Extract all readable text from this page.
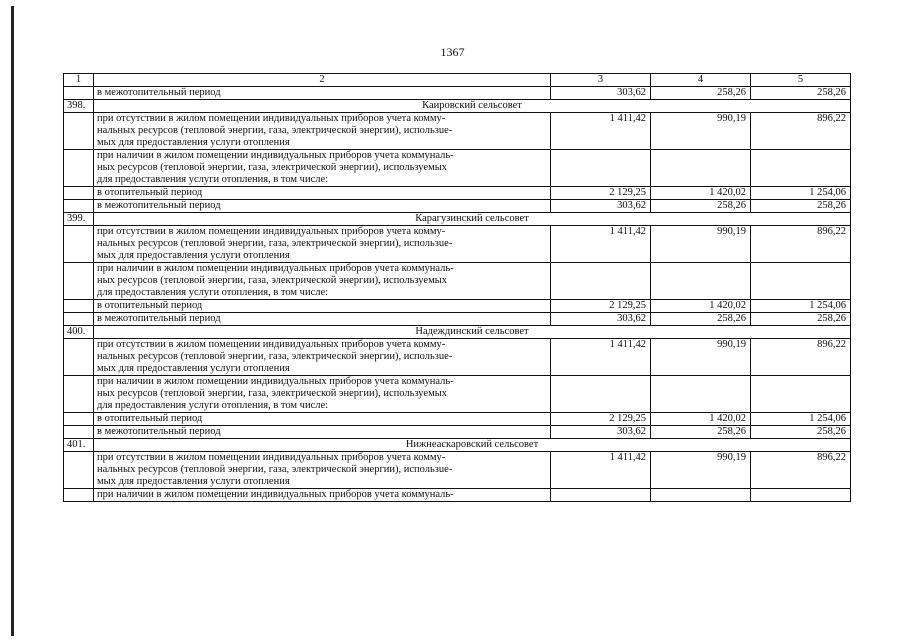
1367
1	2	3	4	5
	в межотопительный период	303,62	258,26	258,26
398.	Каировский сельсовет			

	при отсутствии в жилом помещении индивидуальных приборов учета комму-
нальных ресурсов (тепловой энергии, газа, электрической энергии), использue-
мых для предоставления услуги отопления	1 411,42	990,19	896,22

	при наличии в жилом помещении индивидуальных приборов учета коммуналь-
ных ресурсов (тепловой энергии, газа, электрической энергии), используемых
для предоставления услуги отопления, в том числе:			

	в отопительный период	2 129,25	1 420,02	1 254,06
	в межотопительный период	303,62	258,26	258,26
399.	Карагузинский сельсовет			

	при отсутствии в жилом помещении индивидуальных приборов учета комму-
нальных ресурсов (тепловой энергии, газа, электрической энергии), использue-
мых для предоставления услуги отопления	1 411,42	990,19	896,22

	при наличии в жилом помещении индивидуальных приборов учета коммуналь-
ных ресурсов (тепловой энергии, газа, электрической энергии), используемых
для предоставления услуги отопления, в том числе:			

	в отопительный период	2 129,25	1 420,02	1 254,06
	в межотопительный период	303,62	258,26	258,26
400.	Надеждинский сельсовет			

	при отсутствии в жилом помещении индивидуальных приборов учета комму-
нальных ресурсов (тепловой энергии, газа, электрической энергии), использue-
мых для предоставления услуги отопления	1 411,42	990,19	896,22

	при наличии в жилом помещении индивидуальных приборов учета коммуналь-
ных ресурсов (тепловой энергии, газа, электрической энергии), используемых
для предоставления услуги отопления, в том числе:			

	в отопительный период	2 129,25	1 420,02	1 254,06
	в межотопительный период	303,62	258,26	258,26
401.	Нижнеаскаровский сельсовет			

	при отсутствии в жилом помещении индивидуальных приборов учета комму-
нальных ресурсов (тепловой энергии, газа, электрической энергии), использue-
мых для предоставления услуги отопления	1 411,42	990,19	896,22
	при наличии в жилом помещении индивидуальных приборов учета коммуналь-			
